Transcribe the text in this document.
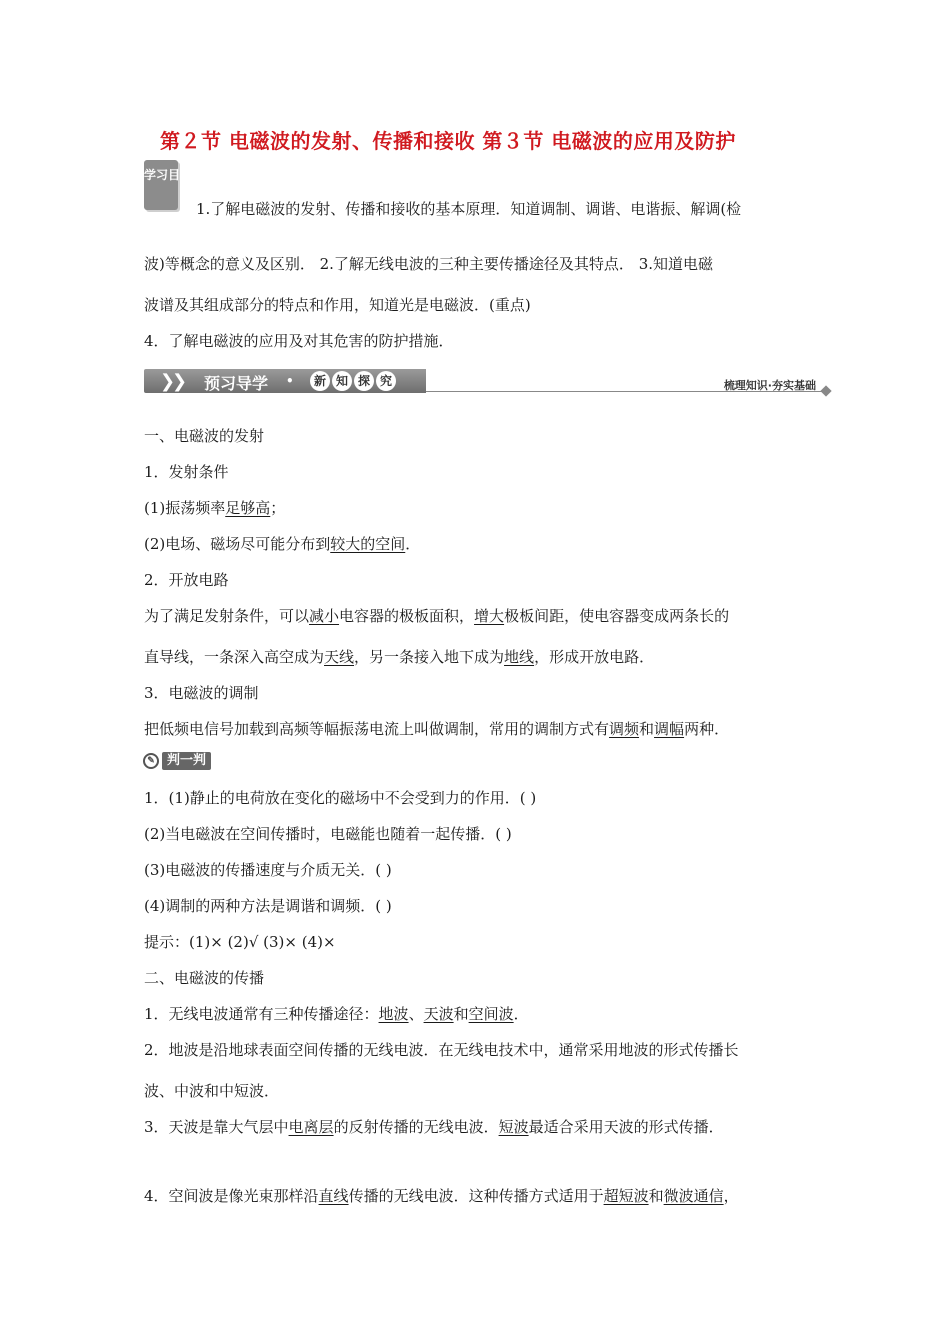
第２节 电磁波的发射、传播和接收 第３节 电磁波的应用及防护
学习目标
1.了解电磁波的发射、传播和接收的基本原理．知道调制、调谐、电谐振、解调(检
波)等概念的意义及区别． 2.了解无线电波的三种主要传播途径及其特点． 3.知道电磁
波谱及其组成部分的特点和作用，知道光是电磁波．(重点)
4．了解电磁波的应用及对其危害的防护措施．
❯
❯ 预习导学 •	新 知 探 究	梳理知识·夯实基础
一、电磁波的发射
1．发射条件
(1)振荡频率足够高；
(2)电场、磁场尽可能分布到较大的空间．
2．开放电路
为了满足发射条件，可以减小电容器的极板面积，增大极板间距，使电容器变成两条长的
直导线，一条深入高空成为天线，另一条接入地下成为地线，形成开放电路．
3．电磁波的调制
把低频电信号加载到高频等幅振荡电流上叫做调制，常用的调制方式有调频和调幅两种．
✎ 判一判
1．(1)静止的电荷放在变化的磁场中不会受到力的作用．( )
(2)当电磁波在空间传播时，电磁能也随着一起传播．( )
(3)电磁波的传播速度与介质无关．( )
(4)调制的两种方法是调谐和调频．( )
提示：(1)× (2)√ (3)× (4)×
二、电磁波的传播
1．无线电波通常有三种传播途径：地波、天波和空间波．
2．地波是沿地球表面空间传播的无线电波．在无线电技术中，通常采用地波的形式传播长
波、中波和中短波．
3．天波是靠大气层中电离层的反射传播的无线电波．短波最适合采用天波的形式传播．
4．空间波是像光束那样沿直线传播的无线电波．这种传播方式适用于超短波和微波通信，
